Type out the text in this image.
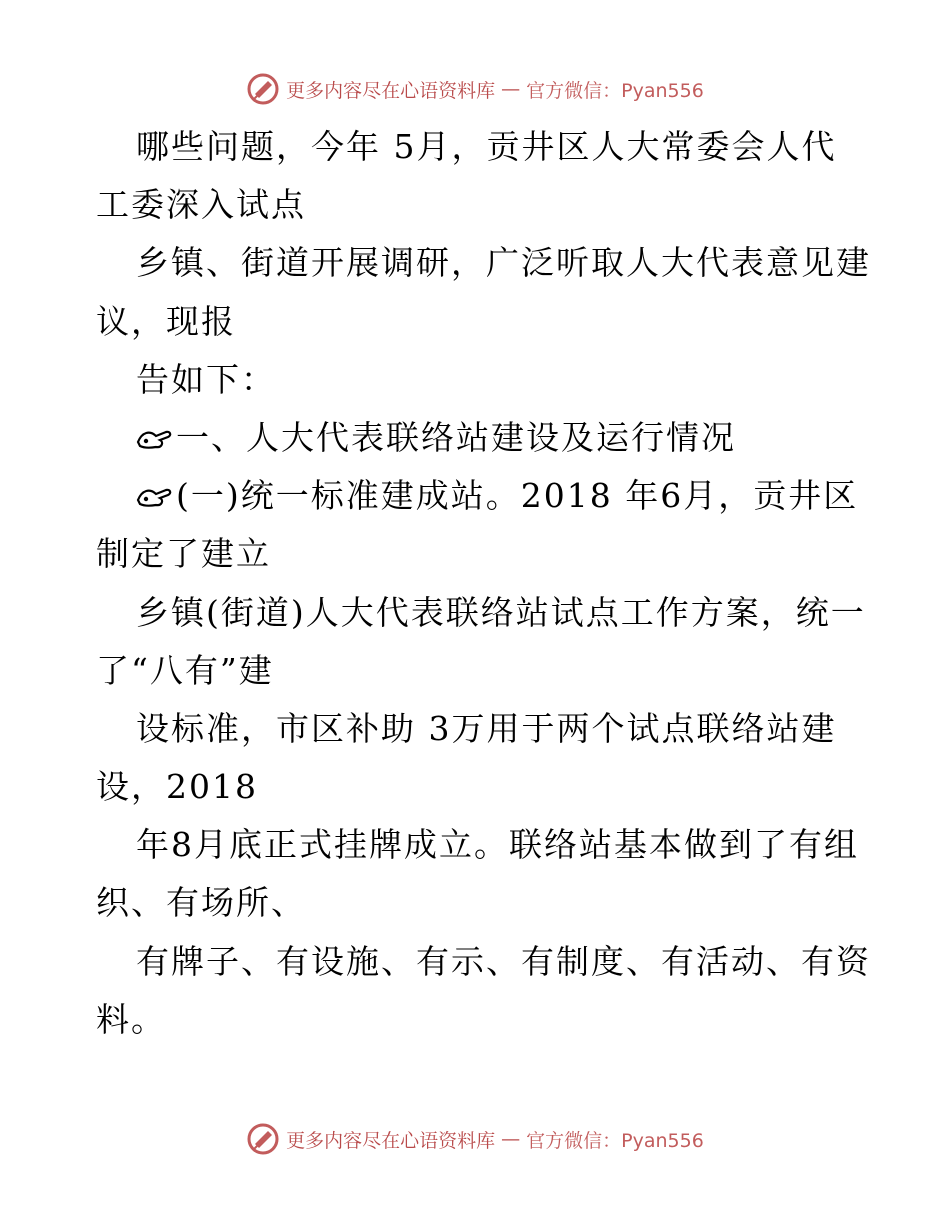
更多内容尽在心语资料库 — 官方微信：Pyan556
哪些问题，今年 5月，贡井区人大常委会人代
工委深入试点
乡镇、街道开展调研，广泛听取人大代表意见建
议，现报
告如下：
一、人大代表联络站建设及运行情况
(一)统一标准建成站。2018 年6月，贡井区
制定了建立
乡镇(街道)人大代表联络站试点工作方案，统一
了“八有”建
设标准，市区补助 3万用于两个试点联络站建
设，2018
年8月底正式挂牌成立。联络站基本做到了有组
织、有场所、
有牌子、有设施、有示、有制度、有活动、有资
料。
更多内容尽在心语资料库 — 官方微信：Pyan556
